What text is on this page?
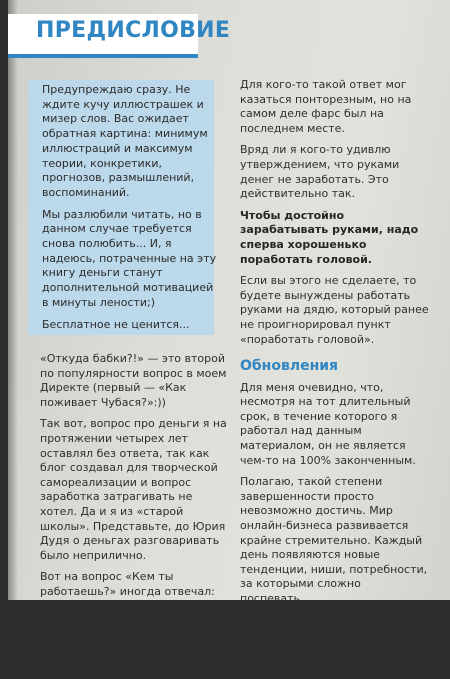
ПРЕДИСЛОВИЕ

Предупреждаю сразу. Не ждите кучу иллюстрашек и мизер слов. Вас ожидает обратная картина: минимум иллюстраций и максимум теории, конкретики, прогнозов, размышлений, воспоминаний.

Мы разлюбили читать, но в данном случае требуется снова полюбить... И, я надеюсь, потраченные на эту книгу деньги станут дополнительной мотивацией в минуты лености;)

Бесплатное не ценится...

«Откуда бабки?!» — это второй по популярности вопрос в моем Директе (первый — «Как поживает Чубася?»:))

Так вот, вопрос про деньги я на протяжении четырех лет оставлял без ответа, так как блог создавал для творческой самореализации и вопрос заработка затрагивать не хотел. Да и я из «старой школы». Представьте, до Юрия Дудя о деньгах разговаривать было неприлично.

Вот на вопрос «Кем ты работаешь?» иногда отвечал: «Головой работаю».

Для кого-то такой ответ мог казаться понторезным, но на самом деле фарс был на последнем месте.

Вряд ли я кого-то удивлю утверждением, что руками денег не заработать. Это действительно так.

Чтобы достойно зарабатывать руками, надо сперва хорошенько поработать головой.

Если вы этого не сделаете, то будете вынуждены работать руками на дядю, который ранее не проигнорировал пункт «поработать головой».

Обновления

Для меня очевидно, что, несмотря на тот длительный срок, в течение которого я работал над данным материалом, он не является чем-то на 100% законченным.

Полагаю, такой степени завершенности просто невозможно достичь. Мир онлайн-бизнеса развивается крайне стремительно. Каждый день появляются новые тенденции, ниши, потребности, за которыми сложно поспевать....

И я делаю все, чтобы вы имели возможность оставаться на гребне информационного хайпа. Поэтому
